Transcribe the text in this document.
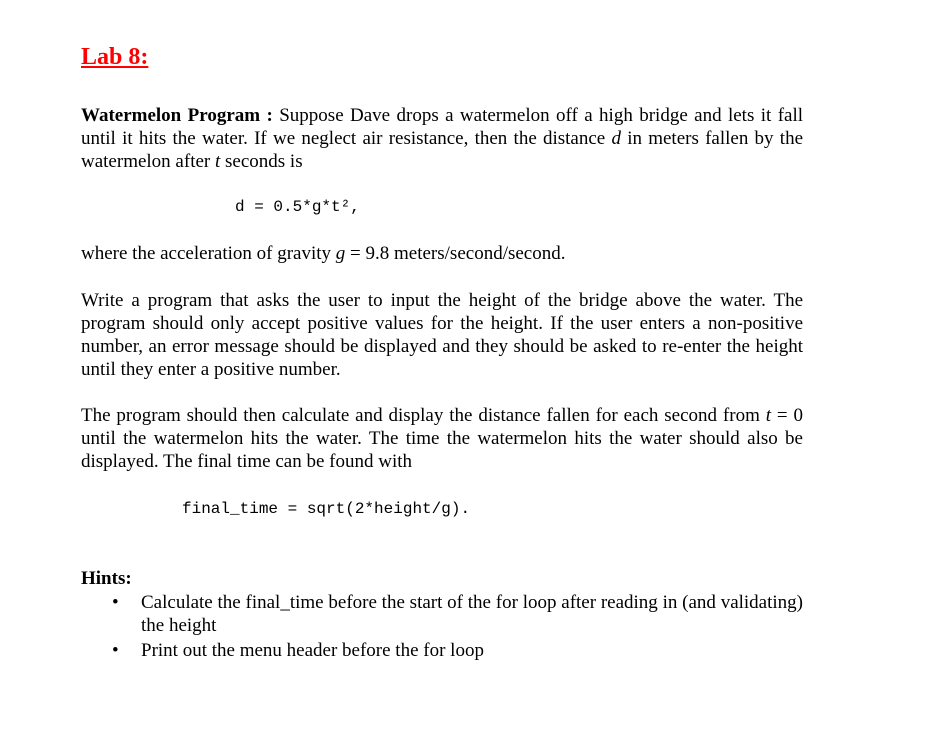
Lab 8:
Watermelon Program : Suppose Dave drops a watermelon off a high bridge and lets it fall until it hits the water. If we neglect air resistance, then the distance d in meters fallen by the watermelon after t seconds is
d = 0.5*g*t²,
where the acceleration of gravity g = 9.8 meters/second/second.
Write a program that asks the user to input the height of the bridge above the water. The program should only accept positive values for the height. If the user enters a non-positive number, an error message should be displayed and they should be asked to re-enter the height until they enter a positive number.
The program should then calculate and display the distance fallen for each second from t = 0 until the watermelon hits the water. The time the watermelon hits the water should also be displayed. The final time can be found with
final_time = sqrt(2*height/g).
Hints:
• Calculate the final_time before the start of the for loop after reading in (and validating) the height
• Print out the menu header before the for loop
